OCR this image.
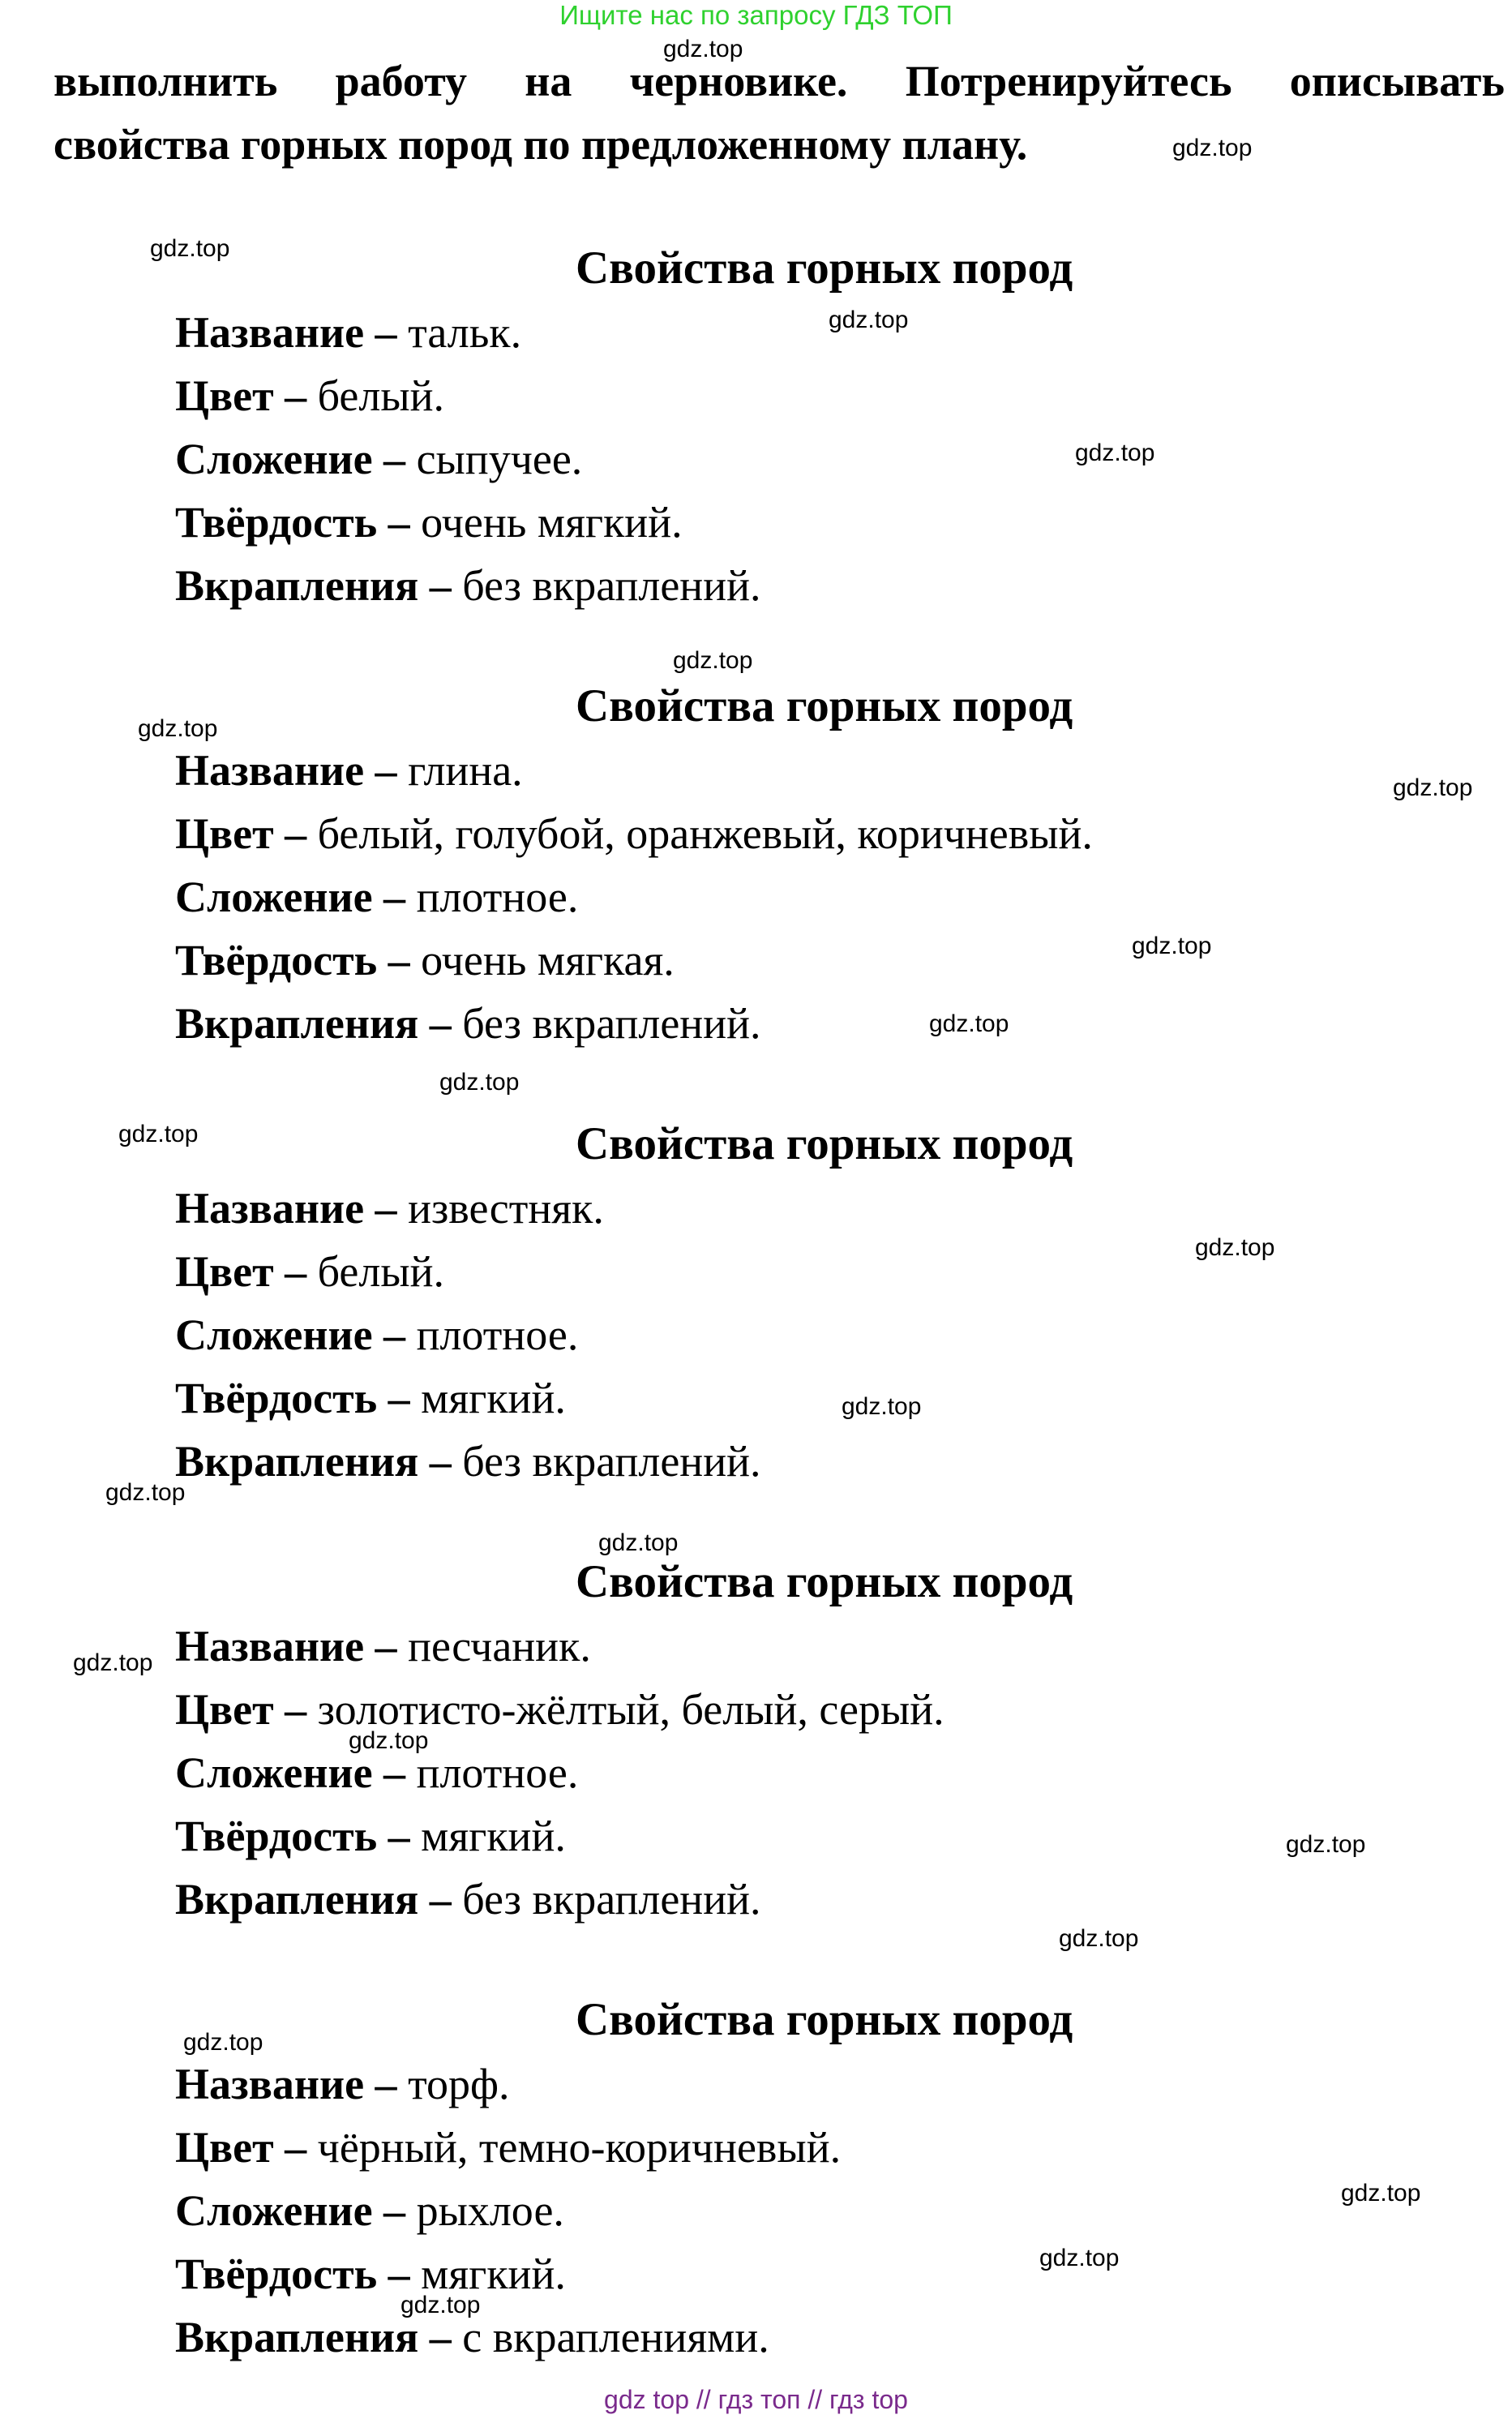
Ищите нас по запросу ГДЗ ТОП
выполнить работу на черновике. Потренируйтесь описывать
свойства горных пород по предложенному плану.
Свойства горных пород
Название – тальк.
Цвет – белый.
Сложение – сыпучее.
Твёрдость – очень мягкий.
Вкрапления – без вкраплений.
Свойства горных пород
Название – глина.
Цвет – белый, голубой, оранжевый, коричневый.
Сложение – плотное.
Твёрдость – очень мягкая.
Вкрапления – без вкраплений.
Свойства горных пород
Название – известняк.
Цвет – белый.
Сложение – плотное.
Твёрдость – мягкий.
Вкрапления – без вкраплений.
Свойства горных пород
Название – песчаник.
Цвет – золотисто-жёлтый, белый, серый.
Сложение – плотное.
Твёрдость – мягкий.
Вкрапления – без вкраплений.
Свойства горных пород
Название – торф.
Цвет – чёрный, темно-коричневый.
Сложение – рыхлое.
Твёрдость – мягкий.
Вкрапления – с вкраплениями.
gdz.top
gdz.top
gdz.top
gdz.top
gdz.top
gdz.top
gdz.top
gdz.top
gdz.top
gdz.top
gdz.top
gdz.top
gdz.top
gdz.top
gdz.top
gdz.top
gdz.top
gdz.top
gdz.top
gdz.top
gdz.top
gdz.top
gdz.top
gdz.top
gdz top // гдз топ // гдз top
